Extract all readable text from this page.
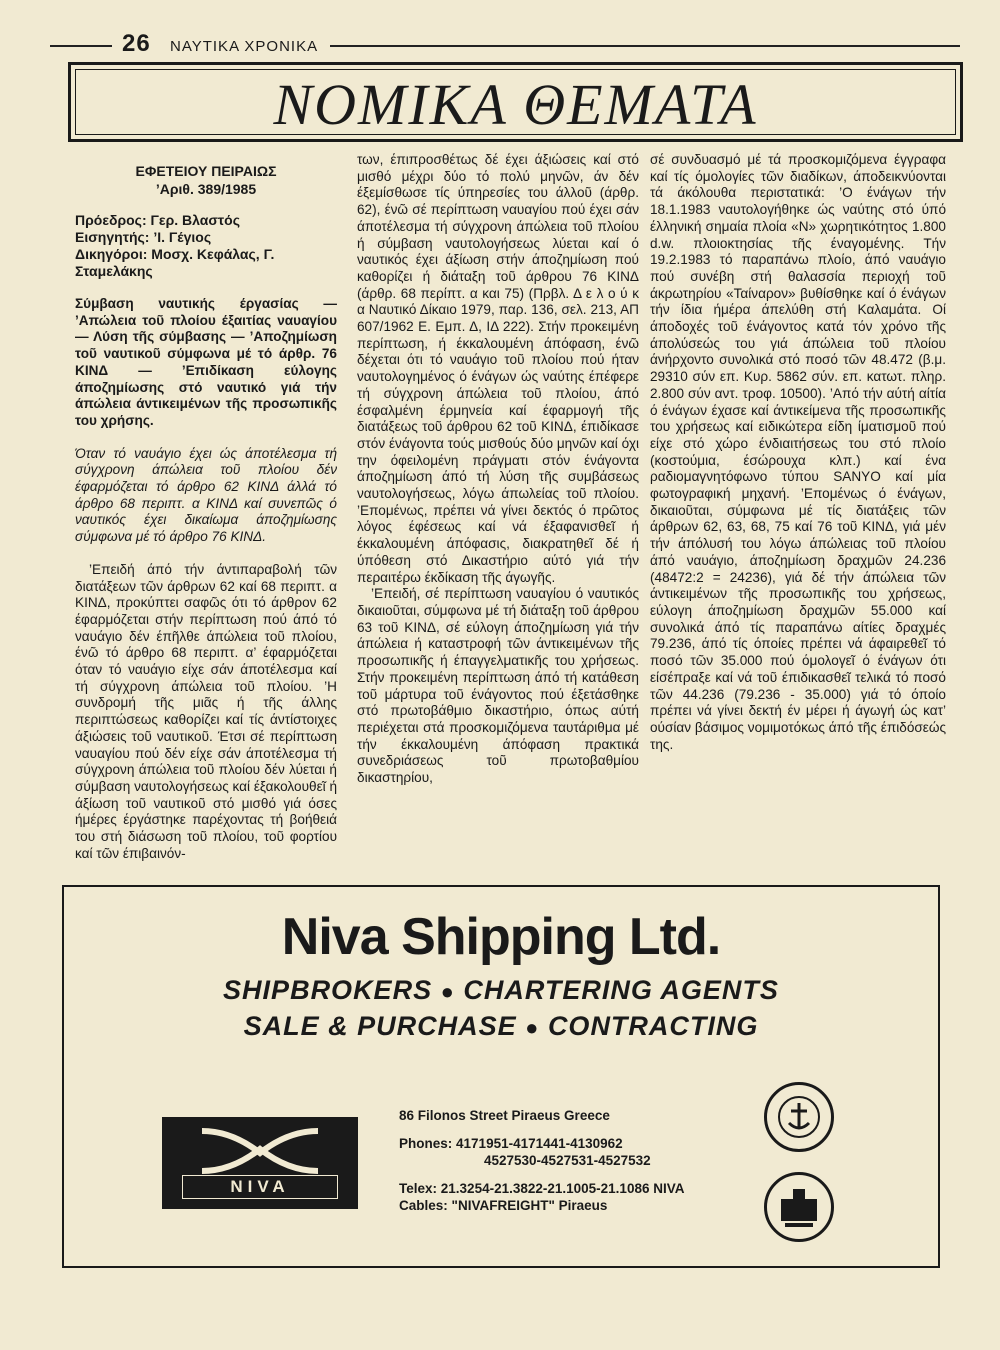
26 ΝΑΥΤΙΚΑ ΧΡΟΝΙΚΑ
ΝΟΜΙΚΑ ΘΕΜΑΤΑ
ΕΦΕΤΕΙΟΥ ΠΕΙΡΑΙΩΣ
’Αριθ. 389/1985
Πρόεδρος: Γερ. Βλαστός
Εισηγητής: ’Ι. Γέγιος
Δικηγόροι: Μοσχ. Κεφάλας, Γ. Σταμελάκης
Σύμβαση ναυτικής έργασίας — ’Απώλεια τοῦ πλοίου έξαιτίας ναυαγίου — Λύση τῆς σύμβασης — ’Αποζημίωση τοῦ ναυτικοῦ σύμφωνα μέ τό άρθρ. 76 ΚΙΝΔ — ’Επιδίκαση εύλογης άποζημίωσης στό ναυτικό γιά τήν άπώλεια άντικειμένων τῆς προσωπικῆς του χρήσης.
Όταν τό ναυάγιο έχει ώς άποτέλεσμα τή σύγχρονη άπώλεια τοῦ πλοίου δέν έφαρμόζεται τό άρθρο 62 ΚΙΝΔ άλλά τό άρθρο 68 περιπτ. α ΚΙΝΔ καί συνεπῶς ό ναυτικός έχει δικαίωμα άποζημίωσης σύμφωνα μέ τό άρθρο 76 ΚΙΝΔ.

’Επειδή άπό τήν άντιπαραβολή τῶν διατάξεων τῶν άρθρων 62 καί 68 περιπτ. α ΚΙΝΔ, προκύπτει σαφῶς ότι τό άρθρον 62 έφαρμόζεται στήν περίπτωση πού άπό τό ναυάγιο δέν έπῆλθε άπώλεια τοῦ πλοίου, ένῶ τό άρθρο 68 περιπτ. α’ έφαρμόζεται όταν τό ναυάγιο είχε σάν άποτέλεσμα καί τή σύγχρονη άπώλεια τοῦ πλοίου. ’Η συνδρομή τῆς μιᾶς ή τῆς άλλης περιπτώσεως καθορίζει καί τίς άντίστοιχες άξιώσεις τοῦ ναυτικοῦ. Έτσι σέ περίπτωση ναυαγίου πού δέν είχε σάν άποτέλεσμα τή σύγχρονη άπώλεια τοῦ πλοίου δέν λύεται ή σύμβαση ναυτολογήσεως καί έξακολουθεῖ ή άξίωση τοῦ ναυτικοῦ στό μισθό γιά όσες ήμέρες έργάστηκε παρέχοντας τή βοήθειά του στή διάσωση τοῦ πλοίου, τοῦ φορτίου καί τῶν έπιβαινόν-

των, έπιπροσθέτως δέ έχει άξιώσεις καί στό μισθό μέχρι δύο τό πολύ μηνῶν, άν δέν έξεμίσθωσε τίς ύπηρεσίες του άλλοῦ (άρθρ. 62), ένῶ σέ περίπτωση ναυαγίου πού έχει σάν άποτέλεσμα τή σύγχρονη άπώλεια τοῦ πλοίου ή σύμβαση ναυτολογήσεως λύεται καί ό ναυτικός έχει άξίωση στήν άποζημίωση πού καθορίζει ή διάταξη τοῦ άρθρου 76 ΚΙΝΔ (άρθρ. 68 περίπτ. α και 75) (Πρβλ. Δ ε λ ο ύ κ α Ναυτικό Δίκαιο 1979, παρ. 136, σελ. 213, ΑΠ 607/1962 Ε. Εμπ. Δ, ΙΔ 222). Στήν προκειμένη περίπτωση, ή έκκαλουμένη άπόφαση, ένῶ δέχεται ότι τό ναυάγιο τοῦ πλοίου πού ήταν ναυτολογημένος ό ένάγων ώς ναύτης έπέφερε τή σύγχρονη άπώλεια τοῦ πλοίου, άπό έσφαλμένη έρμηνεία καί έφαρμογή τῆς διατάξεως τοῦ άρθρου 62 τοῦ ΚΙΝΔ, έπιδίκασε στόν ένάγοντα τούς μισθούς δύο μηνῶν καί όχι την όφειλομένη πράγματι στόν ένάγοντα άποζημίωση άπό τή λύση τῆς συμβάσεως ναυτολογήσεως, λόγω άπωλείας τοῦ πλοίου. ’Επομένως, πρέπει νά γίνει δεκτός ό πρῶτος λόγος έφέσεως καί νά έξαφανισθεῖ ή έκκαλουμένη άπόφασις, διακρατηθεῖ δέ ή ύπόθεση στό Δικαστήριο αύτό γιά τήν περαιτέρω έκδίκαση τῆς άγωγῆς.

’Επειδή, σέ περίπτωση ναυαγίου ό ναυτικός δικαιοῦται, σύμφωνα μέ τή διάταξη τοῦ άρθρου 63 τοῦ ΚΙΝΔ, σέ εύλογη άποζημίωση γιά τήν άπώλεια ή καταστροφή τῶν άντικειμένων τῆς προσωπικῆς ή έπαγγελματικῆς του χρήσεως. Στήν προκειμένη περίπτωση άπό τή κατάθεση τοῦ μάρτυρα τοῦ ένάγοντος πού έξετάσθηκε στό πρωτοβάθμιο δικαστήριο, όπως αύτή περιέχεται στά προσκομιζόμενα ταυτάριθμα μέ τήν έκκαλουμένη άπόφαση πρακτικά συνεδριάσεως τοῦ πρωτοβαθμίου δικαστηρίου,

σέ συνδυασμό μέ τά προσκομιζόμενα έγγραφα καί τίς όμολογίες τῶν διαδίκων, άποδεικνύονται τά άκόλουθα περιστατικά: ’Ο ένάγων τήν 18.1.1983 ναυτολογήθηκε ώς ναύτης στό ύπό έλληνική σημαία πλοία «Ν» χωρητικότητος 1.800 d.w. πλοιοκτησίας τῆς έναγομένης. Τήν 19.2.1983 τό παραπάνω πλοίο, άπό ναυάγιο πού συνέβη στή θαλασσία περιοχή τοῦ άκρωτηρίου «Ταίναρον» βυθίσθηκε καί ό ένάγων τήν ίδια ήμέρα άπελύθη στή Καλαμάτα. Οί άποδοχές τοῦ ένάγοντος κατά τόν χρόνο τῆς άπολύσεώς του γιά άπώλεια τοῦ πλοίου άνήρχοντο συνολικά στό ποσό τῶν 48.472 (β.μ. 29310 σύν επ. Κυρ. 5862 σύν. επ. κατωτ. πληρ. 2.800 σύν αντ. τροφ. 10500). ’Από τήν αύτή αίτία ό ένάγων έχασε καί άντικείμενα τῆς προσωπικῆς του χρήσεως καί ειδικώτερα είδη ίματισμοῦ πού είχε στό χώρο ένδιαιτήσεως του στό πλοίο (κοστούμια, έσώρουχα κλπ.) καί ένα ραδιομαγνητόφωνο τύπου SANYO καί μία φωτογραφική μηχανή. ’Επομένως ό ένάγων, δικαιοῦται, σύμφωνα μέ τίς διατάξεις τῶν άρθρων 62, 63, 68, 75 καί 76 τοῦ ΚΙΝΔ, γιά μέν τήν άπόλυσή του λόγω άπώλειας τοῦ πλοίου άπό ναυάγιο, άποζημίωση δραχμῶν 24.236 (48472:2 = 24236), γιά δέ τήν άπώλεια τῶν άντικειμένων τῆς προσωπικῆς του χρήσεως, εύλογη άποζημίωση δραχμῶν 55.000 καί συνολικά άπό τίς παραπάνω αίτίες δραχμές 79.236, άπό τίς όποίες πρέπει νά άφαιρεθεῖ τό ποσό τῶν 35.000 πού όμολογεῖ ό ένάγων ότι είσέπραξε καί νά τοῦ έπιδικασθεῖ τελικά τό ποσό τῶν 44.236 (79.236 - 35.000) γιά τό όποίο πρέπει νά γίνει δεκτή έν μέρει ή άγωγή ώς κατ’ ούσίαν βάσιμος νομιμοτόκως άπό τῆς έπιδόσεώς της.

Niva Shipping Ltd.
SHIPBROKERS ● CHARTERING AGENTS
SALE & PURCHASE ● CONTRACTING
NIVA
86 Filonos Street Piraeus Greece
Phones: 4171951-4171441-4130962
4527530-4527531-4527532
Telex: 21.3254-21.3822-21.1005-21.1086 NIVA
Cables: "NIVAFREIGHT" Piraeus
